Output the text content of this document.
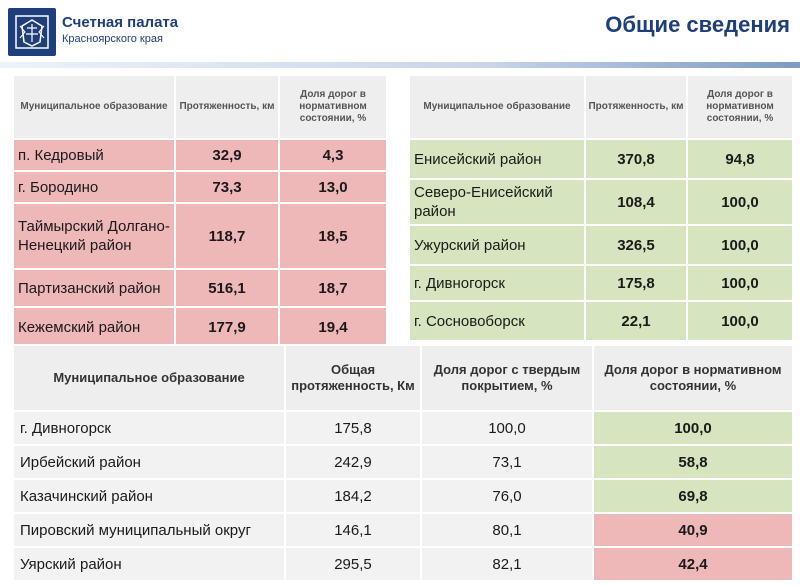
Счетная палата
Красноярского края
Общие сведения
Муниципальное образование	Протяженность, км	Доля дорог в нормативном состоянии, %
п. Кедровый	32,9	4,3
г. Бородино	73,3	13,0
Таймырский Долгано-Ненецкий район	118,7	18,5
Партизанский район	516,1	18,7
Кежемский район	177,9	19,4
Муниципальное образование	Протяженность, км	Доля дорог в нормативном состоянии, %
Енисейский район	370,8	94,8
Северо-Енисейский район	108,4	100,0
Ужурский район	326,5	100,0
г. Дивногорск	175,8	100,0
г. Сосновоборск	22,1	100,0
Муниципальное образование	Общая протяженность, Км	Доля дорог с твердым покрытием, %	Доля дорог в нормативном состоянии, %
г. Дивногорск	175,8	100,0	100,0
Ирбейский район	242,9	73,1	58,8
Казачинский район	184,2	76,0	69,8
Пировский муниципальный округ	146,1	80,1	40,9
Уярский район	295,5	82,1	42,4
